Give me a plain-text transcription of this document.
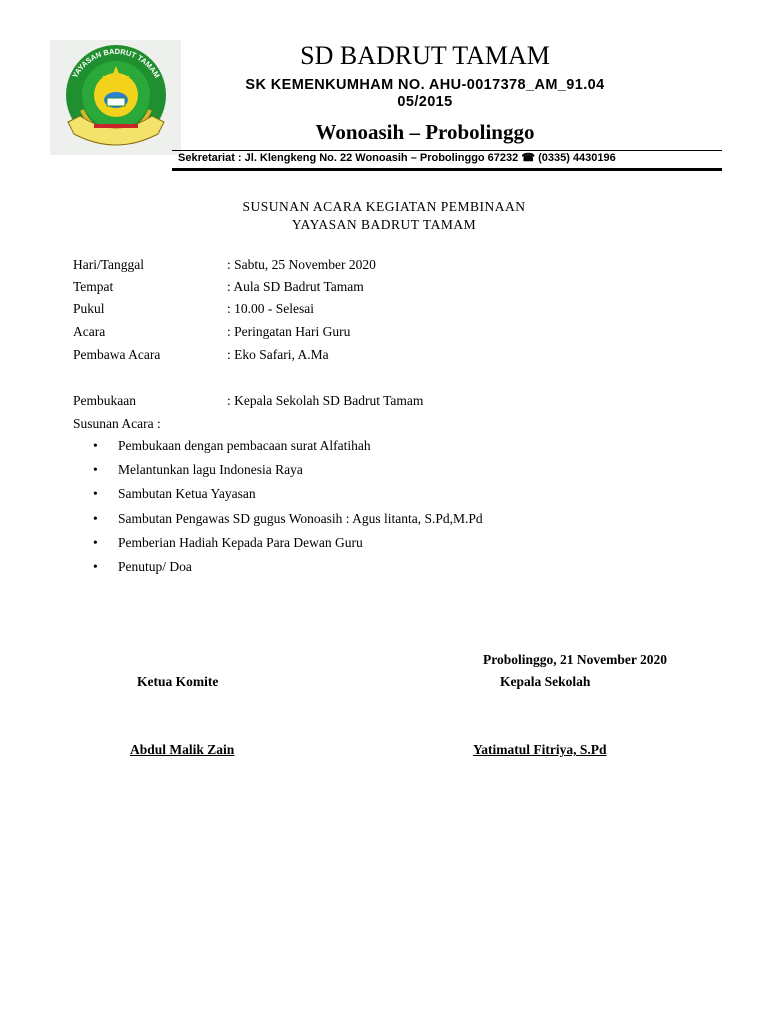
YAYASAN BADRUT TAMAM
SD BADRUT TAMAM
SK KEMENKUMHAM NO. AHU-0017378_AM_91.04
05/2015
Wonoasih – Probolinggo
Sekretariat : Jl. Klengkeng No. 22 Wonoasih – Probolinggo 67232 ☎ (0335) 4430196
SUSUNAN ACARA KEGIATAN PEMBINAAN
YAYASAN BADRUT TAMAM
Hari/Tanggal	: Sabtu, 25 November 2020
Tempat	: Aula SD Badrut Tamam
Pukul	: 10.00 - Selesai
Acara	: Peringatan Hari Guru
Pembawa Acara	: Eko Safari, A.Ma
Pembukaan	: Kepala Sekolah SD Badrut Tamam
Susunan Acara :
• Pembukaan dengan pembacaan surat Alfatihah
• Melantunkan lagu Indonesia Raya
• Sambutan Ketua Yayasan
• Sambutan Pengawas SD gugus Wonoasih : Agus litanta, S.Pd,M.Pd
• Pemberian Hadiah Kepada Para Dewan Guru
• Penutup/ Doa
Probolinggo, 21 November 2020
Ketua Komite	Kepala Sekolah
Abdul Malik Zain	Yatimatul Fitriya, S.Pd
